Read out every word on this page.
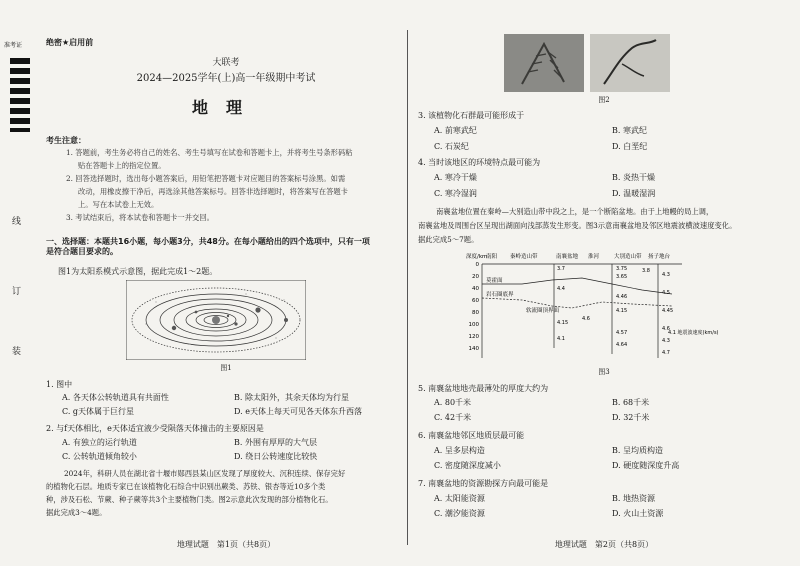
准考证
线
订
装
绝密★启用前
大联考
2024—2025学年(上)高一年级期中考试
地理
考生注意：
1. 答题前，考生务必将自己的姓名、考生号填写在试卷和答题卡上，并将考生号条形码粘
贴在答题卡上的指定位置。
2. 回答选择题时，选出每小题答案后，用铅笔把答题卡对应题目的答案标号涂黑。如需
改动，用橡皮擦干净后，再选涂其他答案标号。回答非选择题时，将答案写在答题卡
上。写在本试卷上无效。
3. 考试结束后，将本试卷和答题卡一并交回。
一、选择题：本题共16小题，每小题3分，共48分。在每小题给出的四个选项中，只有一项是符合题目要求的。
图1为太阳系模式示意图，据此完成1～2题。
图1
1. 图中
A. 各天体公转轨道具有共面性	B. 除太阳外，其余天体均为行星
C. g天体属于巨行星	D. e天体上每天可见各天体东升西落
2. 与f天体相比，e天体适宜液少受陨落天体撞击的主要原因是
A. 有独立的运行轨道	B. 外围有厚厚的大气层
C. 公转轨道倾角较小	D. 绕日公转速度比较快
2024年，科研人员在湖北省十堰市郧西县某山区发现了厚度较大、沉积连续、保存完好
的植物化石层。地质专家已在该植物化石综合中识别出蕨类、苏铁、银杏等近10多个类
种，涉及石松、节蕨、种子蕨等共3个主要植物门类。图2示意此次发现的部分植物化石。
据此完成3～4题。
地理试题　第1页（共8页）
图2
3. 该植物化石群最可能形成于
A. 前寒武纪	B. 寒武纪
C. 石炭纪	D. 白垩纪
4. 当时该地区的环境特点最可能为
A. 寒冷干燥	B. 炎热干燥
C. 寒冷湿润	D. 温暖湿润
南襄盆地位置在秦岭—大别造山带中段之上，是一个断陷盆地。由于上地幔的局上调，
南襄盆地及周围台区呈现出湖面向浅部蒸发生形变。图3示意南襄盆地及邻区地震波横波速度变化。
据此完成5～7题。
深度/km
南阳 秦岭造山带	南襄盆地 淮河	大别造山带 扬子地台
0
20
40
60
80
100
120
140
莫霍面
岩石圈底界
软流圈顶界面
3.7	3.75	3.8
3.65	4.3
4.4
4.5
4.46
4.45
4.1
4.15
4.15
4.57
4.64
4.6
4.3
4.6
4.7
4.1 地震波速度(km/s)
图3
5. 南襄盆地地壳最薄处的厚度大约为
A. 80千米	B. 68千米
C. 42千米	D. 32千米
6. 南襄盆地邻区地质层最可能
A. 呈多层构造	B. 呈均质构造
C. 密度随深度减小	D. 硬度随深度升高
7. 南襄盆地的资源勘探方向最可能是
A. 太阳能资源	B. 地热资源
C. 潮汐能资源	D. 火山土资源
地理试题　第2页（共8页）
